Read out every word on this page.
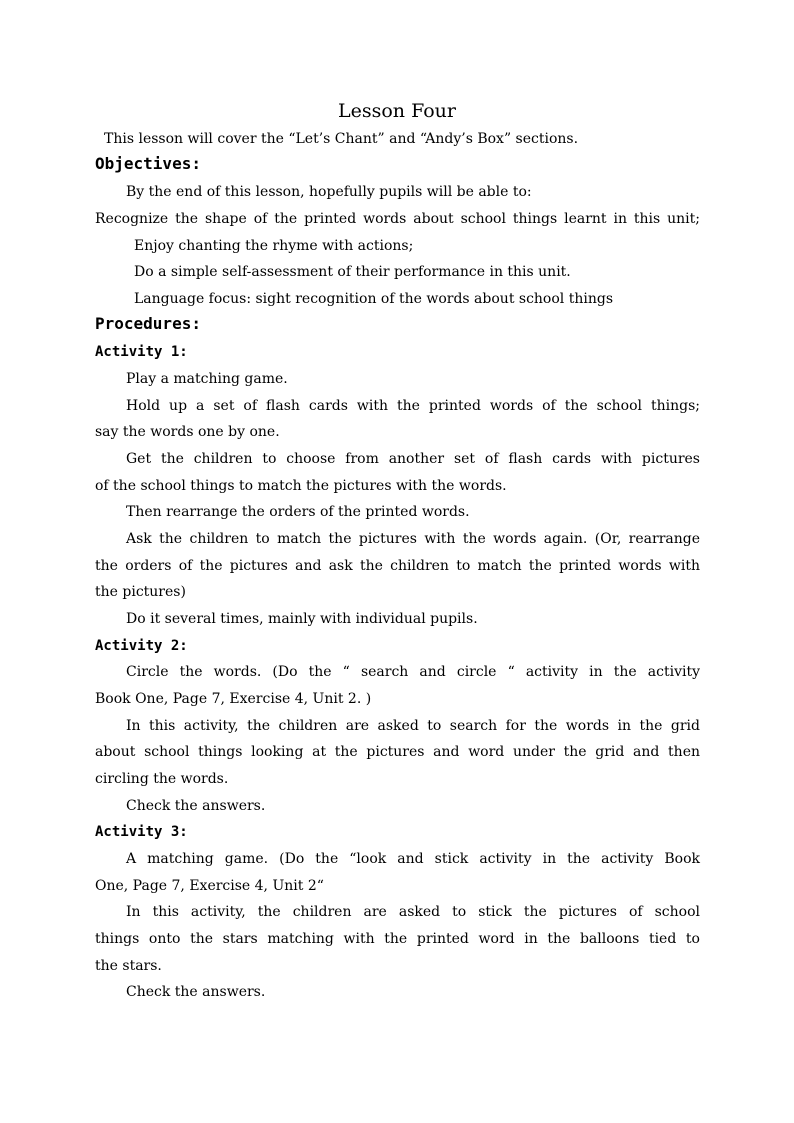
Lesson Four
This lesson will cover the “Let’s Chant” and “Andy’s Box” sections.
Objectives:
By the end of this lesson, hopefully pupils will be able to:
Recognize the shape of the printed words about school things learnt in this unit;
Enjoy chanting the rhyme with actions;
Do a simple self-assessment of their performance in this unit.
Language focus: sight recognition of the words about school things
Procedures:
Activity 1:
Play a matching game.
Hold up a set of flash cards with the printed words of the school things;
say the words one by one.
Get the children to choose from another set of flash cards with pictures
of the school things to match the pictures with the words.
Then rearrange the orders of the printed words.
Ask the children to match the pictures with the words again. (Or, rearrange
the orders of the pictures and ask the children to match the printed words with
the pictures)
Do it several times, mainly with individual pupils.
Activity 2:
Circle the words. (Do the “ search and circle “ activity in the activity
Book One, Page 7, Exercise 4, Unit 2. )
In this activity, the children are asked to search for the words in the grid
about school things looking at the pictures and word under the grid and then
circling the words.
Check the answers.
Activity 3:
A matching game. (Do the “look and stick activity in the activity Book
One, Page 7, Exercise 4, Unit 2“
In this activity, the children are asked to stick the pictures of school
things onto the stars matching with the printed word in the balloons tied to
the stars.
Check the answers.
